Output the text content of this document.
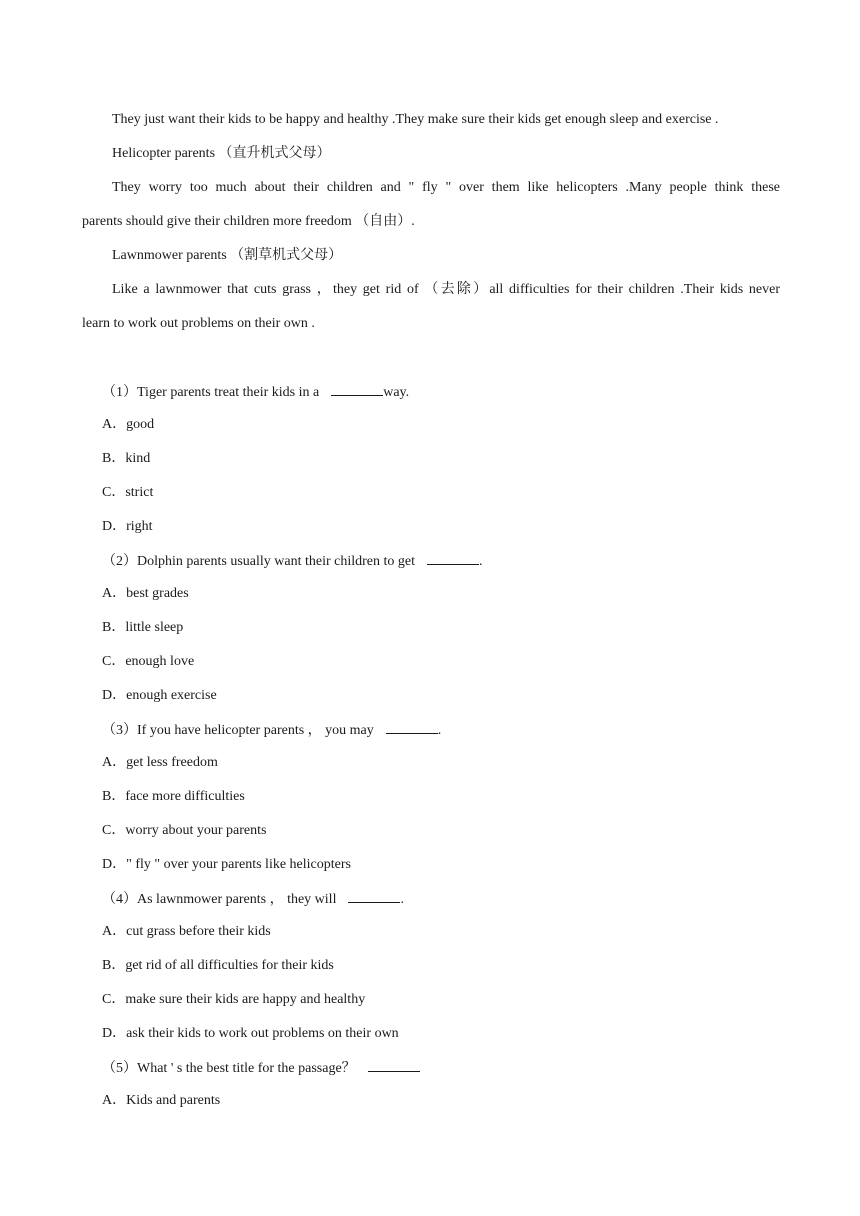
They just want their kids to be happy and healthy .They make sure their kids get enough sleep and exercise .
Helicopter parents （直升机式父母）
They worry too much about their children and " fly " over them like helicopters .Many people think these
parents should give their children more freedom （自由）.
Lawnmower parents （割草机式父母）
Like a lawnmower that cuts grass ，they get rid of （去除）all difficulties for their children .Their kids never
learn to work out problems on their own .
（1）Tiger parents treat their kids in a	way.
A．good
B．kind
C．strict
D．right
（2）Dolphin parents usually want their children to get	.
A．best grades
B．little sleep
C．enough love
D．enough exercise
（3）If you have helicopter parents ， you may	.
A．get less freedom
B．face more difficulties
C．worry about your parents
D．" fly " over your parents like helicopters
（4）As lawnmower parents ， they will	.
A．cut grass before their kids
B．get rid of all difficulties for their kids
C．make sure their kids are happy and healthy
D．ask their kids to work out problems on their own
（5）What ' s the best title for the passage？
A．Kids and parents
